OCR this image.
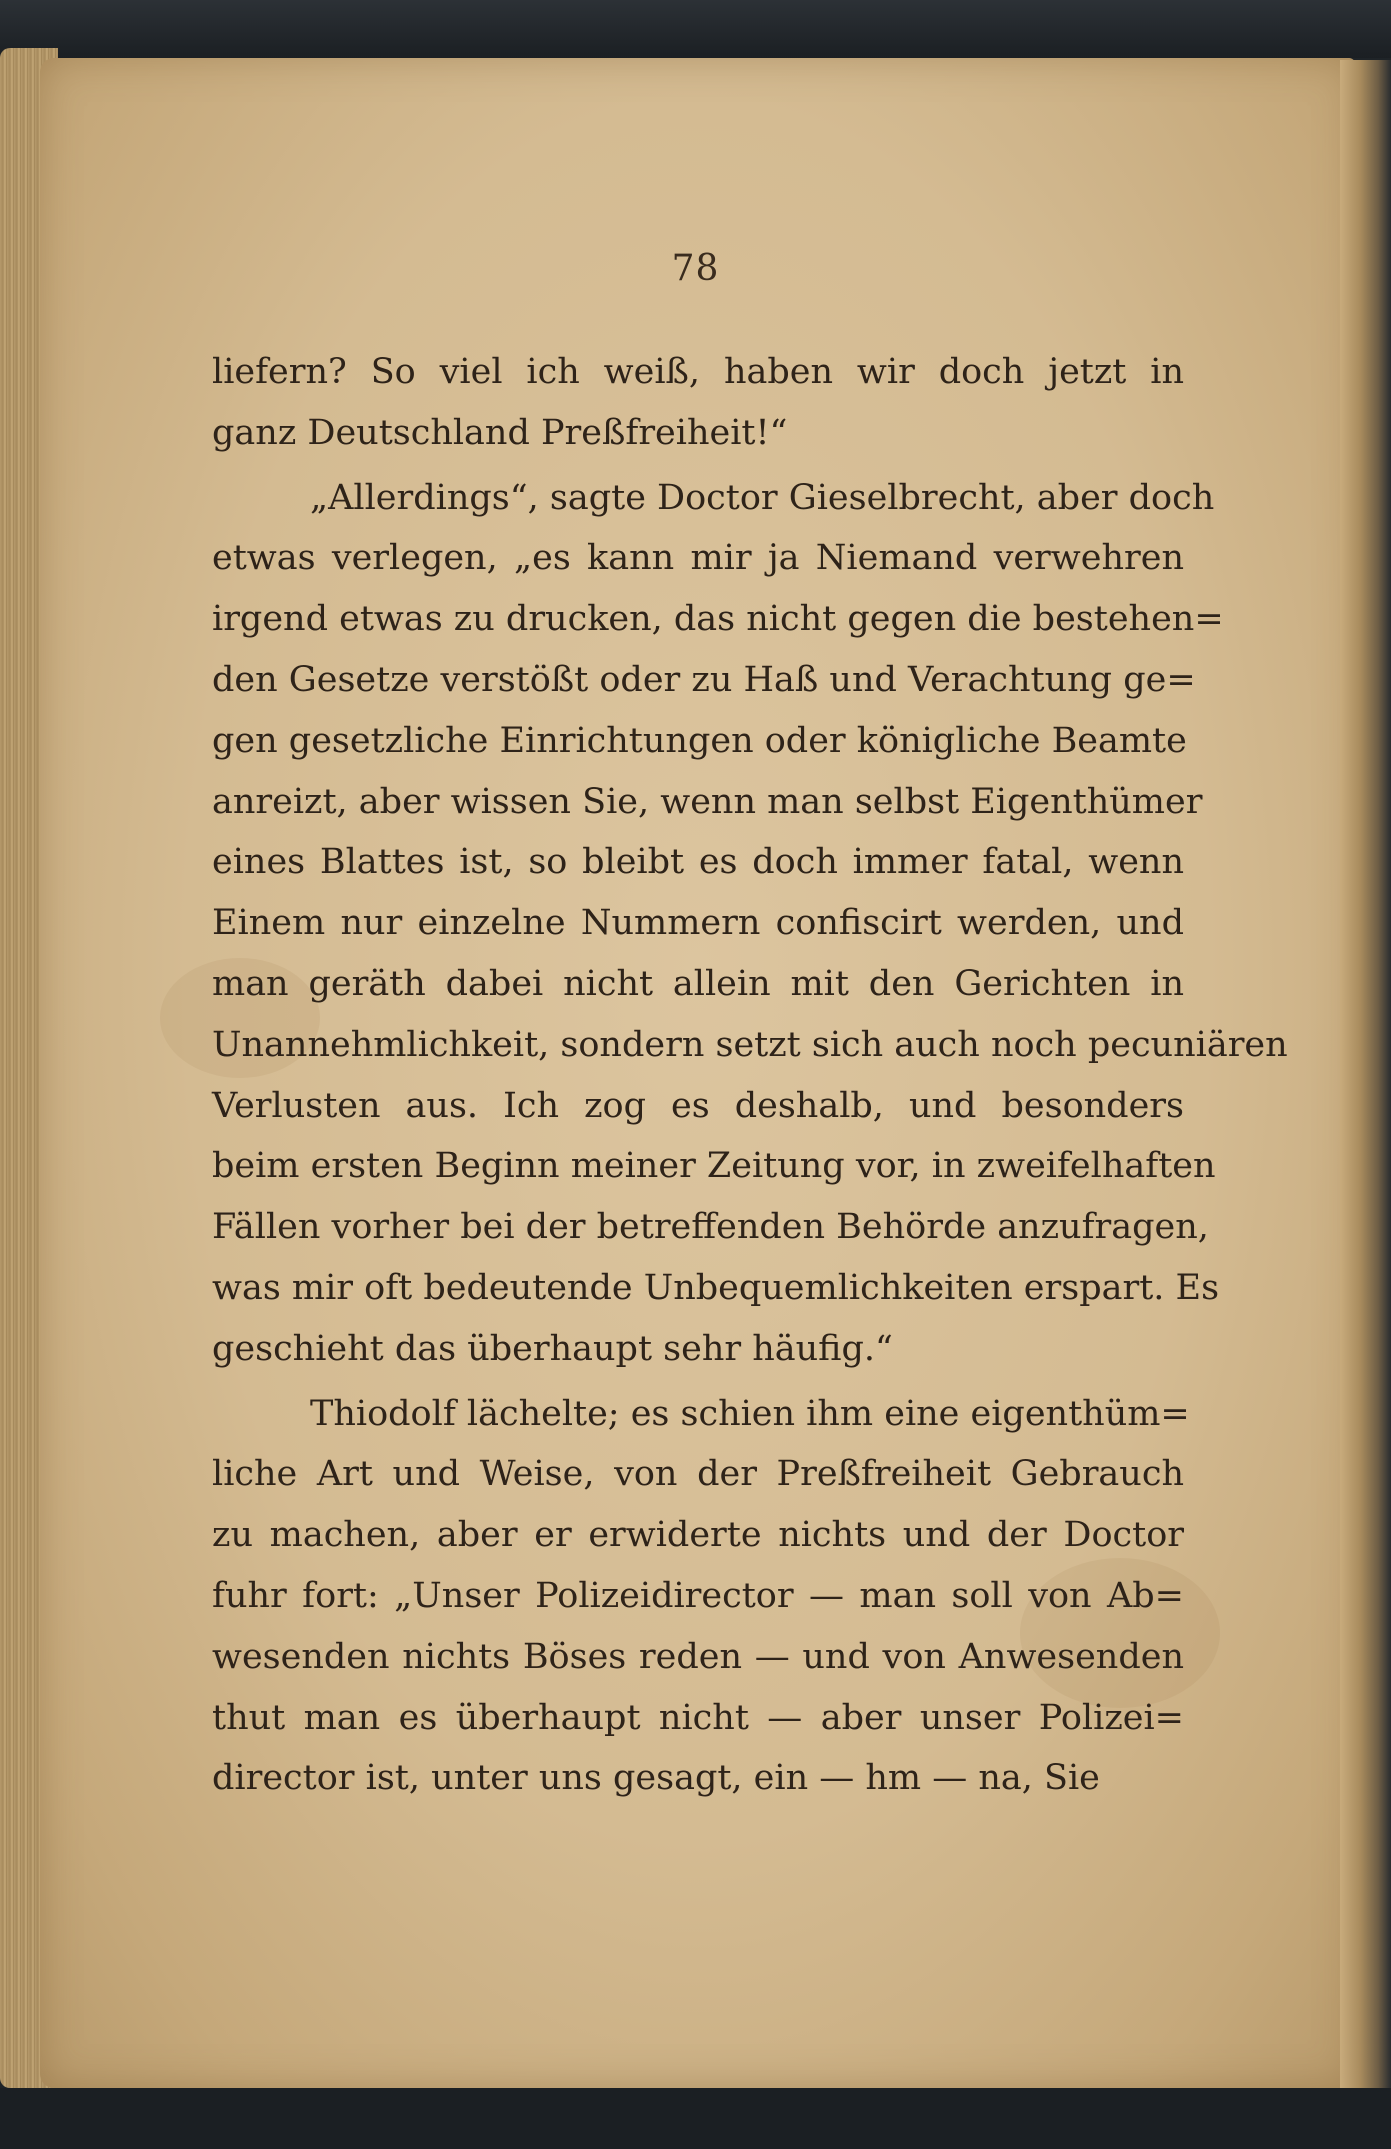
78
liefern? So viel ich weiß, haben wir doch jetzt in
ganz Deutschland Preßfreiheit!“
„Allerdings“, sagte Doctor Gieselbrecht, aber doch
etwas verlegen, „es kann mir ja Niemand verwehren
irgend etwas zu drucken, das nicht gegen die bestehen=
den Gesetze verstößt oder zu Haß und Verachtung ge=
gen gesetzliche Einrichtungen oder königliche Beamte
anreizt, aber wissen Sie, wenn man selbst Eigenthümer
eines Blattes ist, so bleibt es doch immer fatal, wenn
Einem nur einzelne Nummern confiscirt werden, und
man geräth dabei nicht allein mit den Gerichten in
Unannehmlichkeit, sondern setzt sich auch noch pecuniären
Verlusten aus. Ich zog es deshalb, und besonders
beim ersten Beginn meiner Zeitung vor, in zweifelhaften
Fällen vorher bei der betreffenden Behörde anzufragen,
was mir oft bedeutende Unbequemlichkeiten erspart. Es
geschieht das überhaupt sehr häufig.“
Thiodolf lächelte; es schien ihm eine eigenthüm=
liche Art und Weise, von der Preßfreiheit Gebrauch
zu machen, aber er erwiderte nichts und der Doctor
fuhr fort: „Unser Polizeidirector — man soll von Ab=
wesenden nichts Böses reden — und von Anwesenden
thut man es überhaupt nicht — aber unser Polizei=
director ist, unter uns gesagt, ein — hm — na, Sie
